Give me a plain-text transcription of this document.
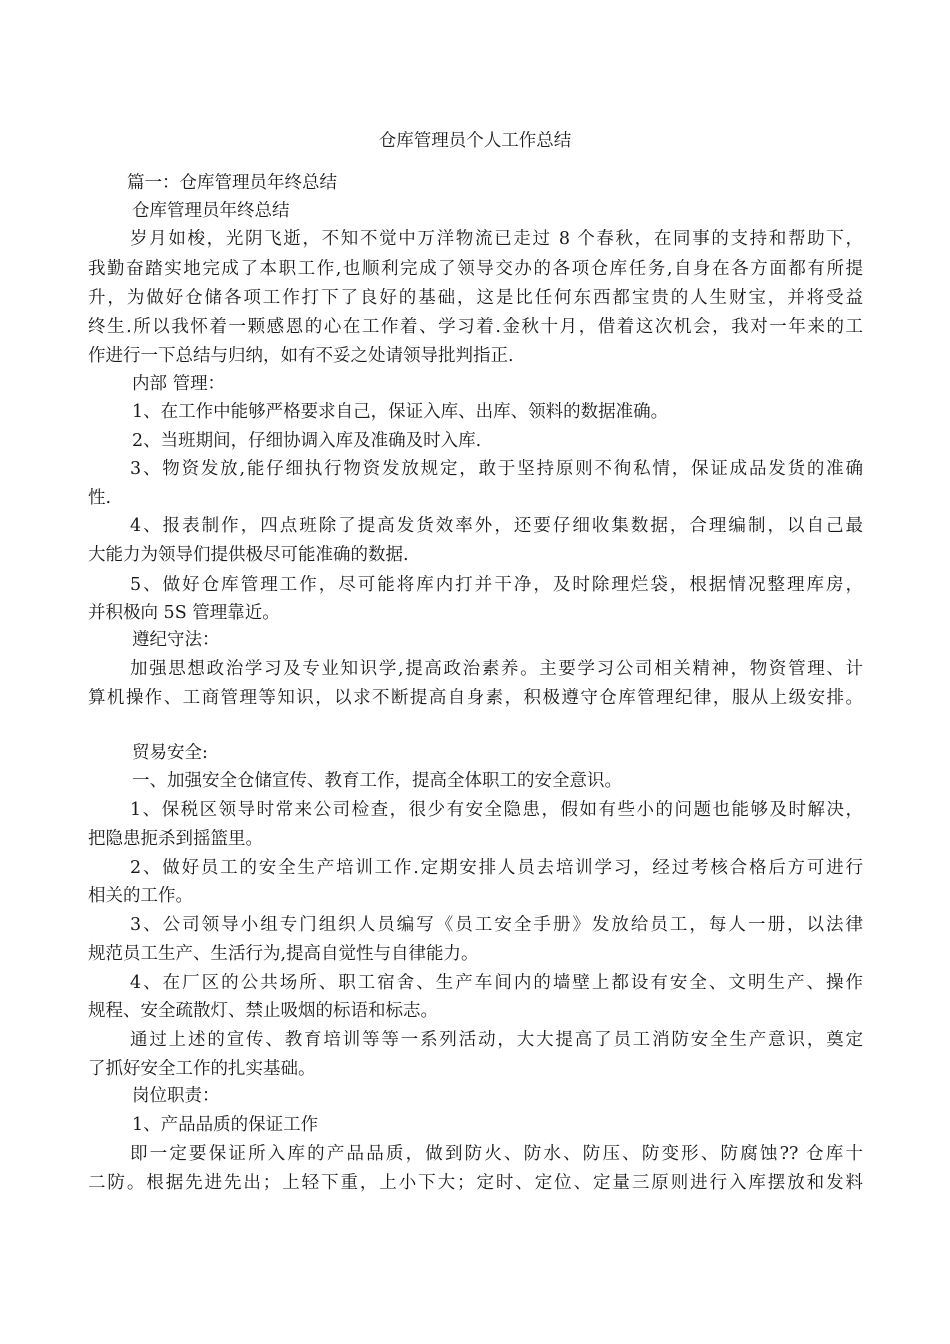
仓库管理员个人工作总结
篇一：仓库管理员年终总结
仓库管理员年终总结
岁月如梭，光阴飞逝，不知不觉中万洋物流已走过 8 个春秋，在同事的支持和帮助下，
我勤奋踏实地完成了本职工作,也顺利完成了领导交办的各项仓库任务,自身在各方面都有所提
升，为做好仓储各项工作打下了良好的基础，这是比任何东西都宝贵的人生财宝，并将受益
终生.所以我怀着一颗感恩的心在工作着、学习着.金秋十月，借着这次机会，我对一年来的工
作进行一下总结与归纳，如有不妥之处请领导批判指正.
内部 管理：
1、在工作中能够严格要求自己，保证入库、出库、领料的数据准确。
2、当班期间，仔细协调入库及准确及时入库.
3、物资发放,能仔细执行物资发放规定，敢于坚持原则不徇私情，保证成品发货的准确
性.
4、报表制作，四点班除了提高发货效率外，还要仔细收集数据，合理编制，以自己最
大能力为领导们提供极尽可能准确的数据.
5、做好仓库管理工作，尽可能将库内打并干净，及时除理烂袋，根据情况整理库房，
并积极向 5S 管理靠近。
遵纪守法：
加强思想政治学习及专业知识学,提高政治素养。主要学习公司相关精神，物资管理、计
算机操作、工商管理等知识，以求不断提高自身素，积极遵守仓库管理纪律，服从上级安排。
贸易安全:
一、加强安全仓储宣传、教育工作，提高全体职工的安全意识。
1、保税区领导时常来公司检查，很少有安全隐患，假如有些小的问题也能够及时解决，
把隐患扼杀到摇篮里。
2、做好员工的安全生产培训工作.定期安排人员去培训学习，经过考核合格后方可进行
相关的工作。
3、公司领导小组专门组织人员编写《员工安全手册》发放给员工，每人一册，以法律
规范员工生产、生活行为,提高自觉性与自律能力。
4、在厂区的公共场所、职工宿舍、生产车间内的墙壁上都设有安全、文明生产、操作
规程、安全疏散灯、禁止吸烟的标语和标志。
通过上述的宣传、教育培训等等一系列活动，大大提高了员工消防安全生产意识，奠定
了抓好安全工作的扎实基础。
岗位职责：
1、产品品质的保证工作
即一定要保证所入库的产品品质，做到防火、防水、防压、防变形、防腐蚀?? 仓库十
二防。根据先进先出；上轻下重，上小下大；定时、定位、定量三原则进行入库摆放和发料
